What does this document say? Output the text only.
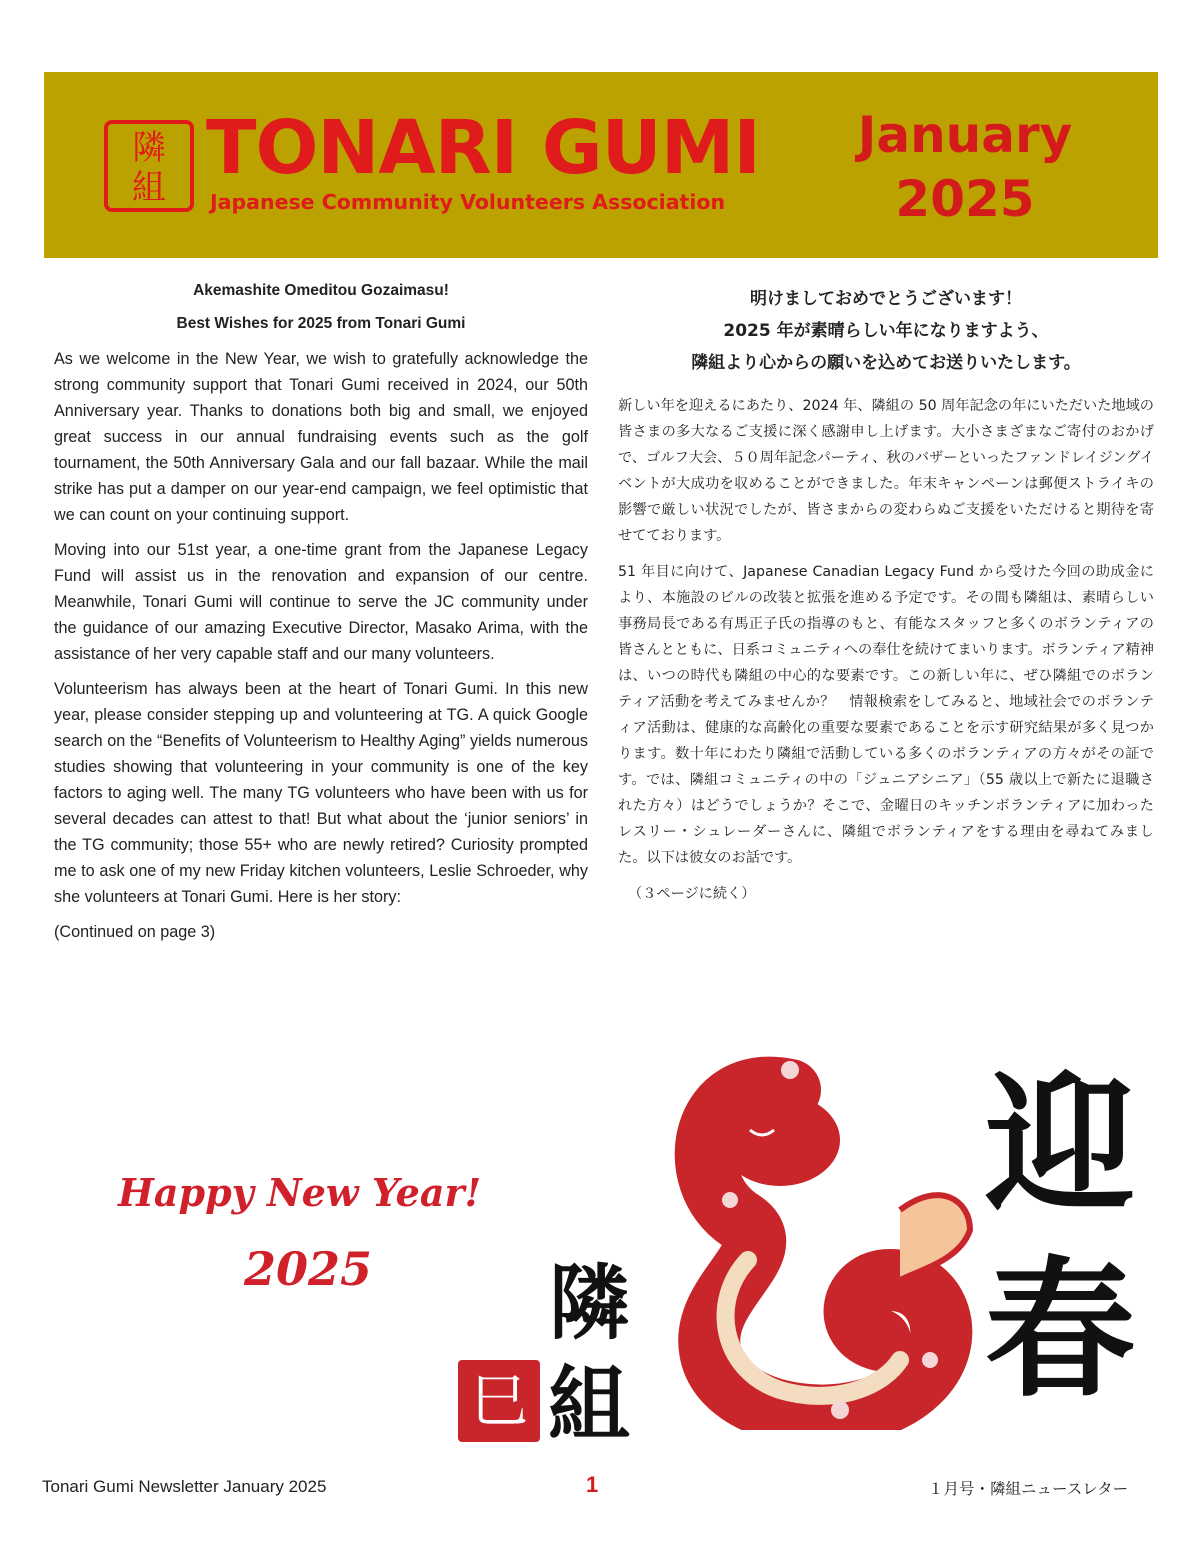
隣
組 TONARI GUMI
Japanese Community Volunteers Association
January
2025
Akemashite Omeditou Gozaimasu!
Best Wishes for 2025 from Tonari Gumi

As we welcome in the New Year, we wish to gratefully acknowledge the strong community support that Tonari Gumi received in 2024, our 50th Anniversary year. Thanks to donations both big and small, we enjoyed great success in our annual fundraising events such as the golf tournament, the 50th Anniversary Gala and our fall bazaar. While the mail strike has put a damper on our year-end campaign, we feel optimistic that we can count on your continuing support.

Moving into our 51st year, a one-time grant from the Japanese Legacy Fund will assist us in the renovation and expansion of our centre. Meanwhile, Tonari Gumi will continue to serve the JC community under the guidance of our amazing Executive Director, Masako Arima, with the assistance of her very capable staff and our many volunteers.

Volunteerism has always been at the heart of Tonari Gumi. In this new year, please consider stepping up and volunteering at TG. A quick Google search on the “Benefits of Volunteerism to Healthy Aging” yields numerous studies showing that volunteering in your community is one of the key factors to aging well. The many TG volunteers who have been with us for several decades can attest to that! But what about the ‘junior seniors’ in the TG community; those 55+ who are newly retired? Curiosity prompted me to ask one of my new Friday kitchen volunteers, Leslie Schroeder, why she volunteers at Tonari Gumi. Here is her story:

(Continued on page 3)

明けましておめでとうございます！
2025 年が素晴らしい年になりますよう、
隣組より心からの願いを込めてお送りいたします。

新しい年を迎えるにあたり、2024 年、隣組の 50 周年記念の年にいただいた地域の皆さまの多大なるご支援に深く感謝申し上げます。大小さまざまなご寄付のおかげで、ゴルフ大会、５０周年記念パーティ、秋のバザーといったファンドレイジングイベントが大成功を収めることができました。年末キャンペーンは郵便ストライキの影響で厳しい状況でしたが、皆さまからの変わらぬご支援をいただけると期待を寄せてております。

51 年目に向けて、Japanese Canadian Legacy Fund から受けた今回の助成金により、本施設のビルの改装と拡張を進める予定です。その間も隣組は、素晴らしい事務局長である有馬正子氏の指導のもと、有能なスタッフと多くのボランティアの皆さんとともに、日系コミュニティへの奉仕を続けてまいります。ボランティア精神は、いつの時代も隣組の中心的な要素です。この新しい年に、ぜひ隣組でのボランティア活動を考えてみませんか？　情報検索をしてみると、地域社会でのボランティア活動は、健康的な高齢化の重要な要素であることを示す研究結果が多く見つかります。数十年にわたり隣組で活動している多くのボランティアの方々がその証です。では、隣組コミュニティの中の「ジュニアシニア」（55 歳以上で新たに退職された方々）はどうでしょうか？そこで、金曜日のキッチンボランティアに加わったレスリー・シュレーダーさんに、隣組でボランティアをする理由を尋ねてみました。以下は彼女のお話です。

（３ページに続く）

Happy New Year!
2025
迎
春
隣
組
巳
Tonari Gumi Newsletter January 2025	1	１月号・隣組ニュースレター
